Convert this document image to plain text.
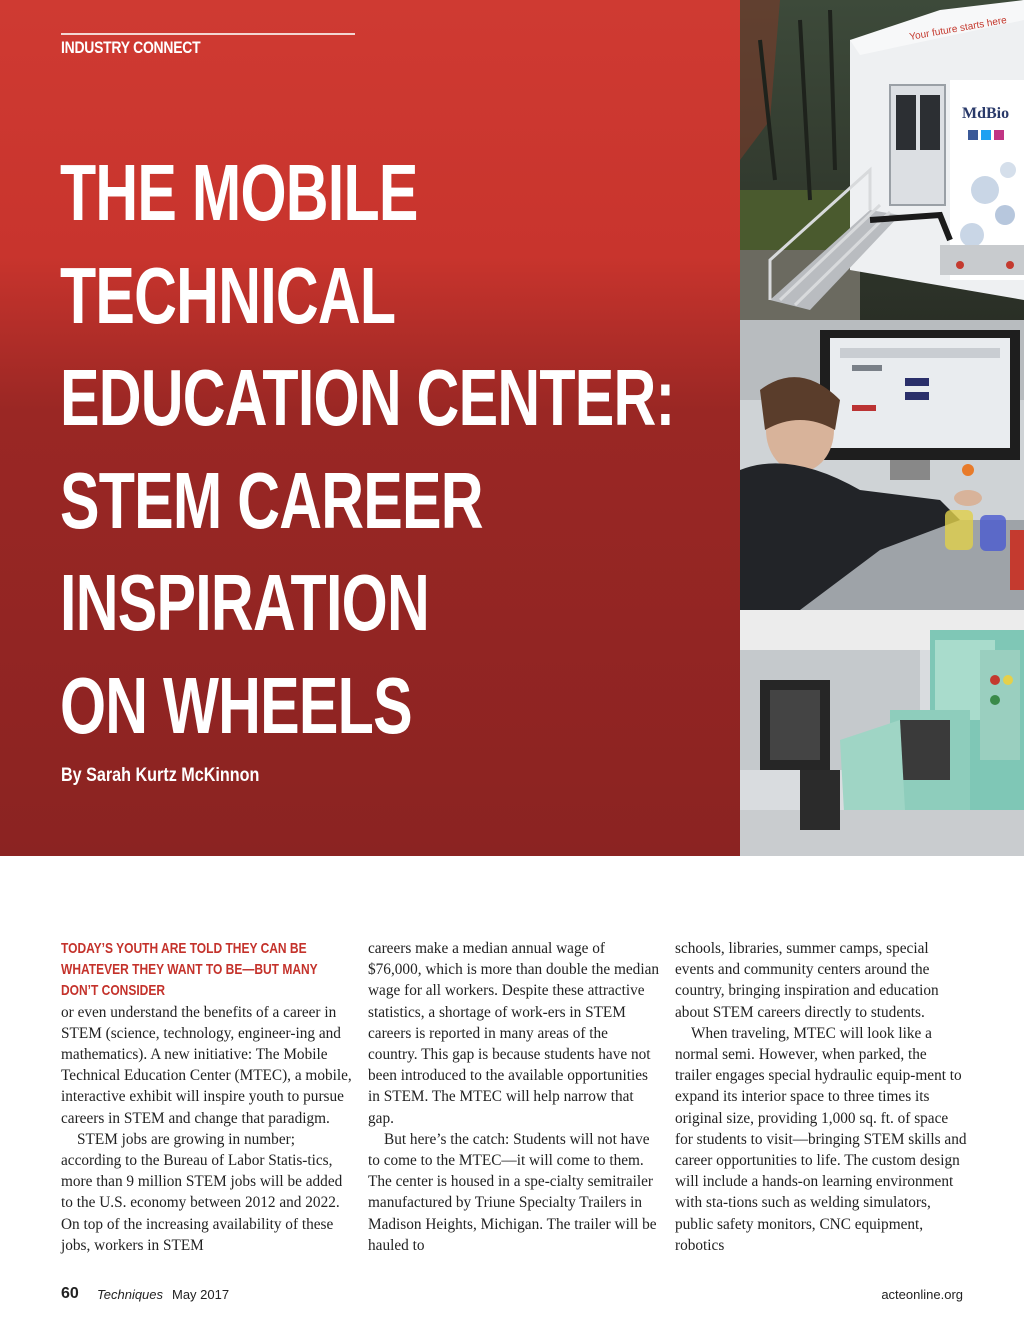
INDUSTRY CONNECT
THE MOBILE
TECHNICAL
EDUCATION CENTER:
STEM CAREER
INSPIRATION
ON WHEELS
By Sarah Kurtz McKinnon
MdBio
Your future starts here
TODAY’S YOUTH ARE TOLD THEY CAN BE WHATEVER THEY WANT TO BE—BUT MANY DON’T CONSIDER

or even understand the benefits of a career in STEM (science, technology, engineer-ing and mathematics). A new initiative: The Mobile Technical Education Center (MTEC), a mobile, interactive exhibit will inspire youth to pursue careers in STEM and change that paradigm.

STEM jobs are growing in number; according to the Bureau of Labor Statis-tics, more than 9 million STEM jobs will be added to the U.S. economy between 2012 and 2022. On top of the increasing availability of these jobs, workers in STEM

careers make a median annual wage of $76,000, which is more than double the median wage for all workers. Despite these attractive statistics, a shortage of work-ers in STEM careers is reported in many areas of the country. This gap is because students have not been introduced to the available opportunities in STEM. The MTEC will help narrow that gap.

But here’s the catch: Students will not have to come to the MTEC—it will come to them. The center is housed in a spe-cialty semitrailer manufactured by Triune Specialty Trailers in Madison Heights, Michigan. The trailer will be hauled to

schools, libraries, summer camps, special events and community centers around the country, bringing inspiration and education about STEM careers directly to students.

When traveling, MTEC will look like a normal semi. However, when parked, the trailer engages special hydraulic equip-ment to expand its interior space to three times its original size, providing 1,000 sq. ft. of space for students to visit—bringing STEM skills and career opportunities to life. The custom design will include a hands-on learning environment with sta-tions such as welding simulators, public safety monitors, CNC equipment, robotics

60 Techniques May 2017	acteonline.org
